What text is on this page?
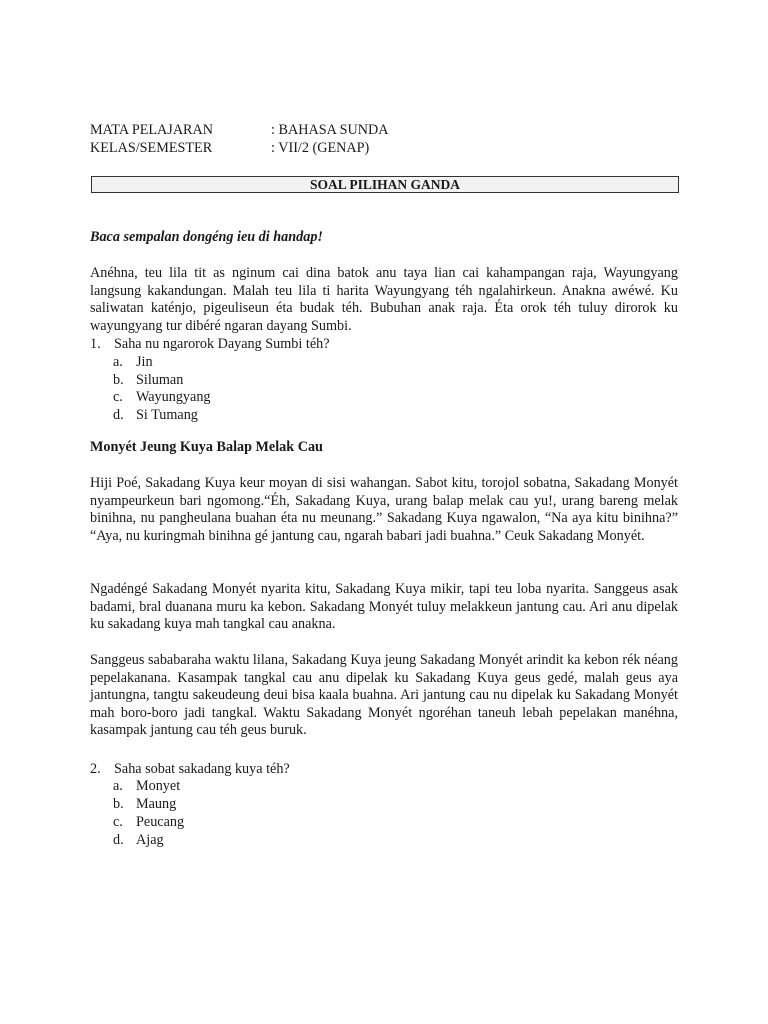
MATA PELAJARAN	: BAHASA SUNDA
KELAS/SEMESTER	: VII/2 (GENAP)
SOAL PILIHAN GANDA

Baca sempalan dongéng ieu di handap!

Anéhna, teu lila tit as nginum cai dina batok anu taya lian cai kahampangan raja, Wayungyang langsung kakandungan. Malah teu lila ti harita Wayungyang téh ngalahirkeun. Anakna awéwé. Ku saliwatan katénjo, pigeuliseun éta budak téh. Bubuhan anak raja. Éta orok téh tuluy dirorok ku wayungyang tur dibéré ngaran dayang Sumbi.

1. Saha nu ngarorok Dayang Sumbi téh?
a. Jin
b. Siluman
c. Wayungyang
d. Si Tumang

Monyét Jeung Kuya Balap Melak Cau

Hiji Poé, Sakadang Kuya keur moyan di sisi wahangan. Sabot kitu, torojol sobatna, Sakadang Monyét nyampeurkeun bari ngomong.“Éh, Sakadang Kuya, urang balap melak cau yu!, urang bareng melak binihna, nu pangheulana buahan éta nu meunang.” Sakadang Kuya ngawalon, “Na aya kitu binihna?” “Aya, nu kuringmah binihna gé jantung cau, ngarah babari jadi buahna.” Ceuk Sakadang Monyét.

Ngadéngé Sakadang Monyét nyarita kitu, Sakadang Kuya mikir, tapi teu loba nyarita. Sanggeus asak badami, bral duanana muru ka kebon. Sakadang Monyét tuluy melakkeun jantung cau. Ari anu dipelak ku sakadang kuya mah tangkal cau anakna.

Sanggeus sababaraha waktu lilana, Sakadang Kuya jeung Sakadang Monyét arindit ka kebon rék néang pepelakanana. Kasampak tangkal cau anu dipelak ku Sakadang Kuya geus gedé, malah geus aya jantungna, tangtu sakeudeung deui bisa kaala buahna. Ari jantung cau nu dipelak ku Sakadang Monyét mah boro-boro jadi tangkal. Waktu Sakadang Monyét ngoréhan taneuh lebah pepelakan manéhna, kasampak jantung cau téh geus buruk.

2. Saha sobat sakadang kuya téh?
a. Monyet
b. Maung
c. Peucang
d. Ajag
